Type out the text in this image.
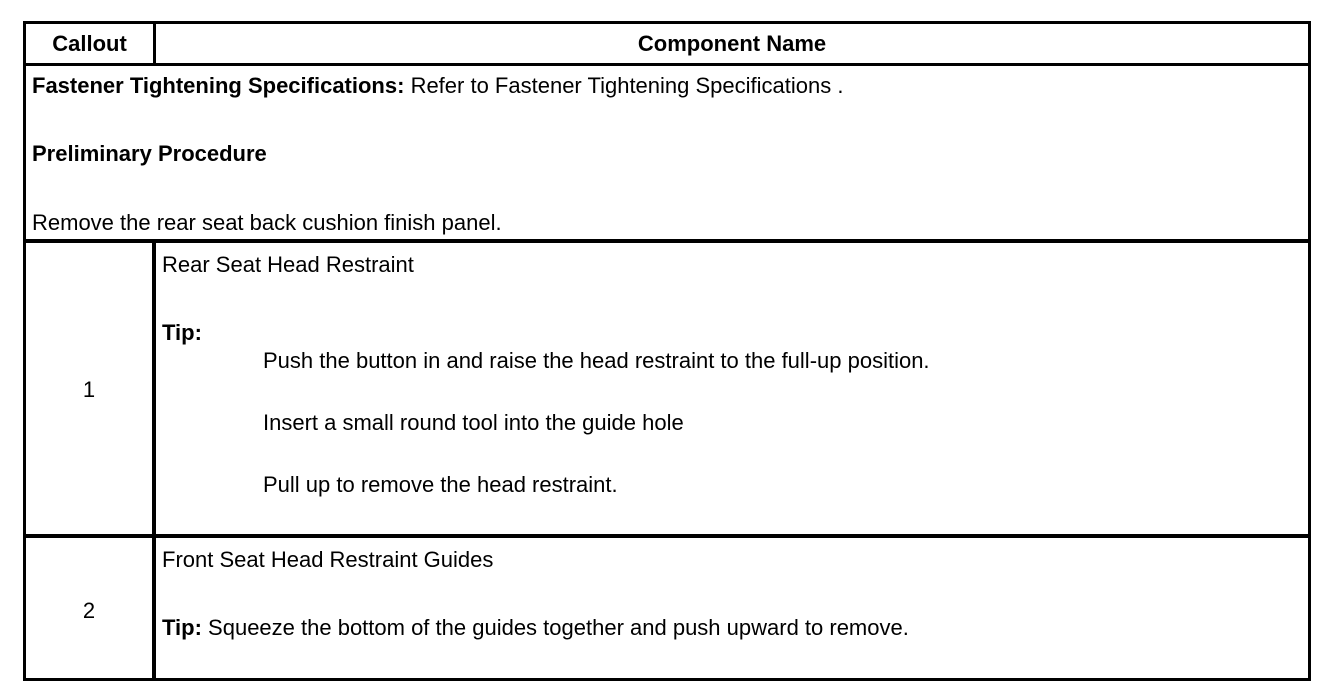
Callout	Component Name
Fastener Tightening Specifications: Refer to Fastener Tightening Specifications .
Preliminary Procedure
Remove the rear seat back cushion finish panel.
1
Rear Seat Head Restraint
Tip:
Push the button in and raise the head restraint to the full-up position.
Insert a small round tool into the guide hole
Pull up to remove the head restraint.
2
Front Seat Head Restraint Guides
Tip: Squeeze the bottom of the guides together and push upward to remove.
